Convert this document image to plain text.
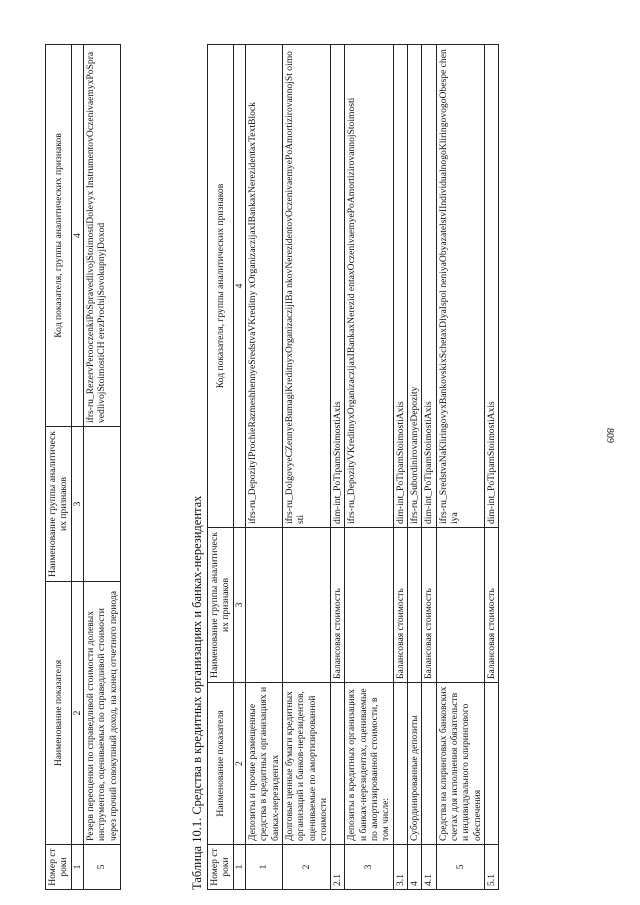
809
Номер строки	Наименование показателя	Наименование группы аналитических признаков	Код показателя, группы аналитических признаков
1	2	3	4
5	Резерв переоценки по справедливой стоимости долевых инструментов, оцениваемых по справедливой стоимости через прочий совокупный доход, на конец отчетного периода		ifrs-ru_RezervPerooczenkiPoSpravedlivojStoimostiDolevyx InstrumentovOczenivaemyxPoSpravedlivojStoimostiCH erezProchijSovokupnyjDoxod
Таблица 10.1. Средства в кредитных организациях и банках-нерезидентах Номер строки	Наименование показателя	Наименование группы аналитических признаков	Код показателя, группы аналитических признаков
1	2	3	4
1	Депозиты и прочие размещенные средства в кредитных организациях и банках-нерезидентах		ifrs-ru_DepozityIProchieRazmeshhennyeSredstvaVKreditny xOrganizaczijaxIBankaxNerezidentaxTextBlock
2	Долговые ценные бумаги кредитных организаций и банков-нерезидентов, оцениваемые по амортизированной стоимости		ifrs-ru_DolgovyeCZennyeBumagiKreditnyxOrganizaczijIBa nkovNerezidentovOczenivaemyePoAmortizirovannojSt oimosti
2.1		Балансовая стоимость	dim-int_PoTipamStoimostiAxis
3	Депозиты в кредитных организациях и банках-нерезидентах, оцениваемые по амортизированной стоимости, в том числе:		ifrs-ru_DepozityVKreditnyxOrganizaczijaxIBankaxNerezid entaxOczenivaemyePoAmortizirovannojStoimosti
3.1		Балансовая стоимость	dim-int_PoTipamStoimostiAxis
4	Субординированные депозиты		ifrs-ru_SubordinirovannyeDepozity
4.1		Балансовая стоимость	dim-int_PoTipamStoimostiAxis
5	Средства на клиринговых банковских счетах для исполнения обязательств и индивидуального клирингового обеспечения		ifrs-ru_SredstvaNaKliringovyxBankovskixSchetaxDlyaIspol neniyaObyazatelstvIIndividualnogoKliringovogoObespe cheniya
5.1		Балансовая стоимость	dim-int_PoTipamStoimostiAxis
